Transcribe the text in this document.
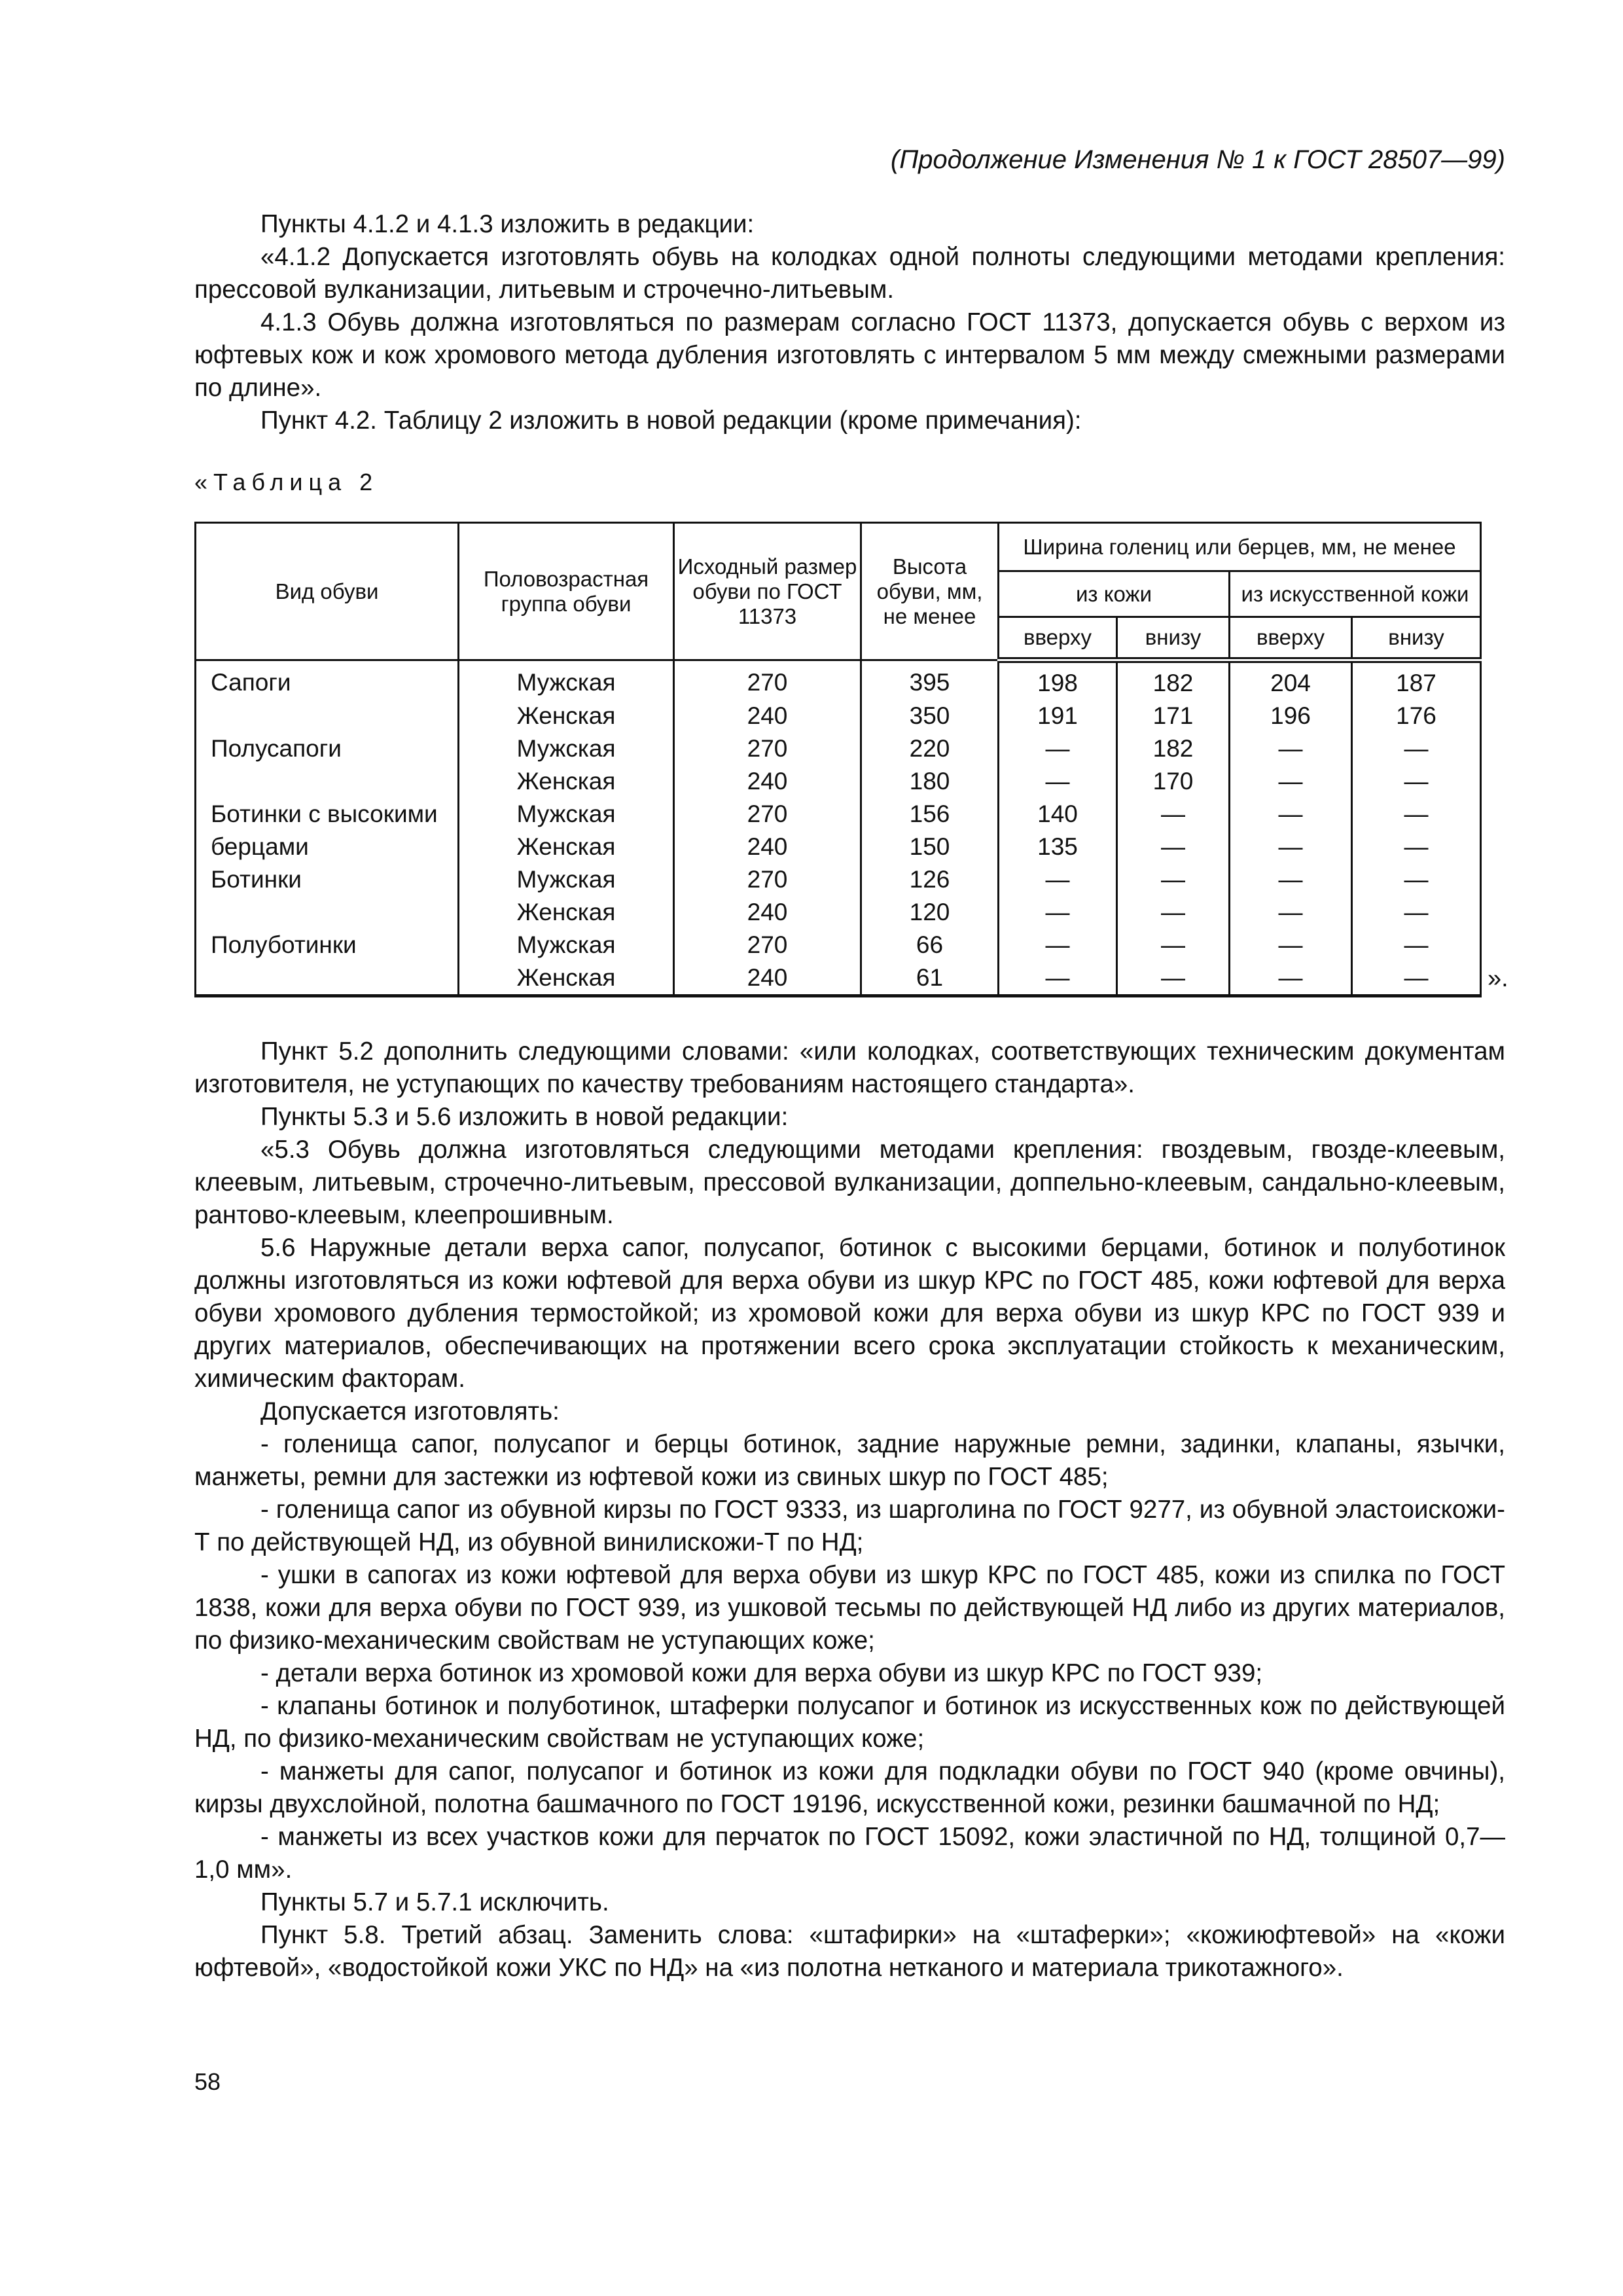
(Продолжение Изменения № 1 к ГОСТ 28507—99)

Пункты 4.1.2 и 4.1.3 изложить в редакции:

«4.1.2 Допускается изготовлять обувь на колодках одной полноты следующими методами крепления: прессовой вулканизации, литьевым и строчечно-литьевым.

4.1.3 Обувь должна изготовляться по размерам согласно ГОСТ 11373, допускается обувь с верхом из юфтевых кож и кож хромового метода дубления изготовлять с интервалом 5 мм между смежными размерами по длине».

Пункт 4.2. Таблицу 2 изложить в новой редакции (кроме примечания):

«Таблица 2
Вид обуви	Половозрастная группа обуви	Исходный размер обуви по ГОСТ 11373	Высота обуви, мм, не менее	Ширина голениц или берцев, мм, не менее			
				из кожи		из искусственной кожи	
				вверху	внизу	вверху	внизу
Сапоги	Мужская	270	395	198	182	204	187
	Женская	240	350	191	171	196	176
Полусапоги	Мужская	270	220	—	182	—	—
	Женская	240	180	—	170	—	—
Ботинки с высокими	Мужская	270	156	140	—	—	—
берцами	Женская	240	150	135	—	—	—
Ботинки	Мужская	270	126	—	—	—	—
	Женская	240	120	—	—	—	—
Полуботинки	Мужская	270	66	—	—	—	—
	Женская	240	61	—	—	—	— ».

Пункт 5.2 дополнить следующими словами: «или колодках, соответствующих техническим документам изготовителя, не уступающих по качеству требованиям настоящего стандарта».

Пункты 5.3 и 5.6 изложить в новой редакции:

«5.3 Обувь должна изготовляться следующими методами крепления: гвоздевым, гвозде-клеевым, клеевым, литьевым, строчечно-литьевым, прессовой вулканизации, доппельно-клеевым, сандально-клеевым, рантово-клеевым, клеепрошивным.

5.6 Наружные детали верха сапог, полусапог, ботинок с высокими берцами, ботинок и полуботинок должны изготовляться из кожи юфтевой для верха обуви из шкур КРС по ГОСТ 485, кожи юфтевой для верха обуви хромового дубления термостойкой; из хромовой кожи для верха обуви из шкур КРС по ГОСТ 939 и других материалов, обеспечивающих на протяжении всего срока эксплуатации стойкость к механическим, химическим факторам.

Допускается изготовлять:

- голенища сапог, полусапог и берцы ботинок, задние наружные ремни, задинки, клапаны, язычки, манжеты, ремни для застежки из юфтевой кожи из свиных шкур по ГОСТ 485;

- голенища сапог из обувной кирзы по ГОСТ 9333, из шарголина по ГОСТ 9277, из обувной эластоискожи-Т по действующей НД, из обувной винилискожи-Т по НД;

- ушки в сапогах из кожи юфтевой для верха обуви из шкур КРС по ГОСТ 485, кожи из спилка по ГОСТ 1838, кожи для верха обуви по ГОСТ 939, из ушковой тесьмы по действующей НД либо из других материалов, по физико-механическим свойствам не уступающих коже;

- детали верха ботинок из хромовой кожи для верха обуви из шкур КРС по ГОСТ 939;

- клапаны ботинок и полуботинок, штаферки полусапог и ботинок из искусственных кож по действующей НД, по физико-механическим свойствам не уступающих коже;

- манжеты для сапог, полусапог и ботинок из кожи для подкладки обуви по ГОСТ 940 (кроме овчины), кирзы двухслойной, полотна башмачного по ГОСТ 19196, искусственной кожи, резинки башмачной по НД;

- манжеты из всех участков кожи для перчаток по ГОСТ 15092, кожи эластичной по НД, толщиной 0,7—1,0 мм».

Пункты 5.7 и 5.7.1 исключить.

Пункт 5.8. Третий абзац. Заменить слова: «штафирки» на «штаферки»; «кожиюфтевой» на «кожи юфтевой», «водостойкой кожи УКС по НД» на «из полотна нетканого и материала трикотажного».

58
